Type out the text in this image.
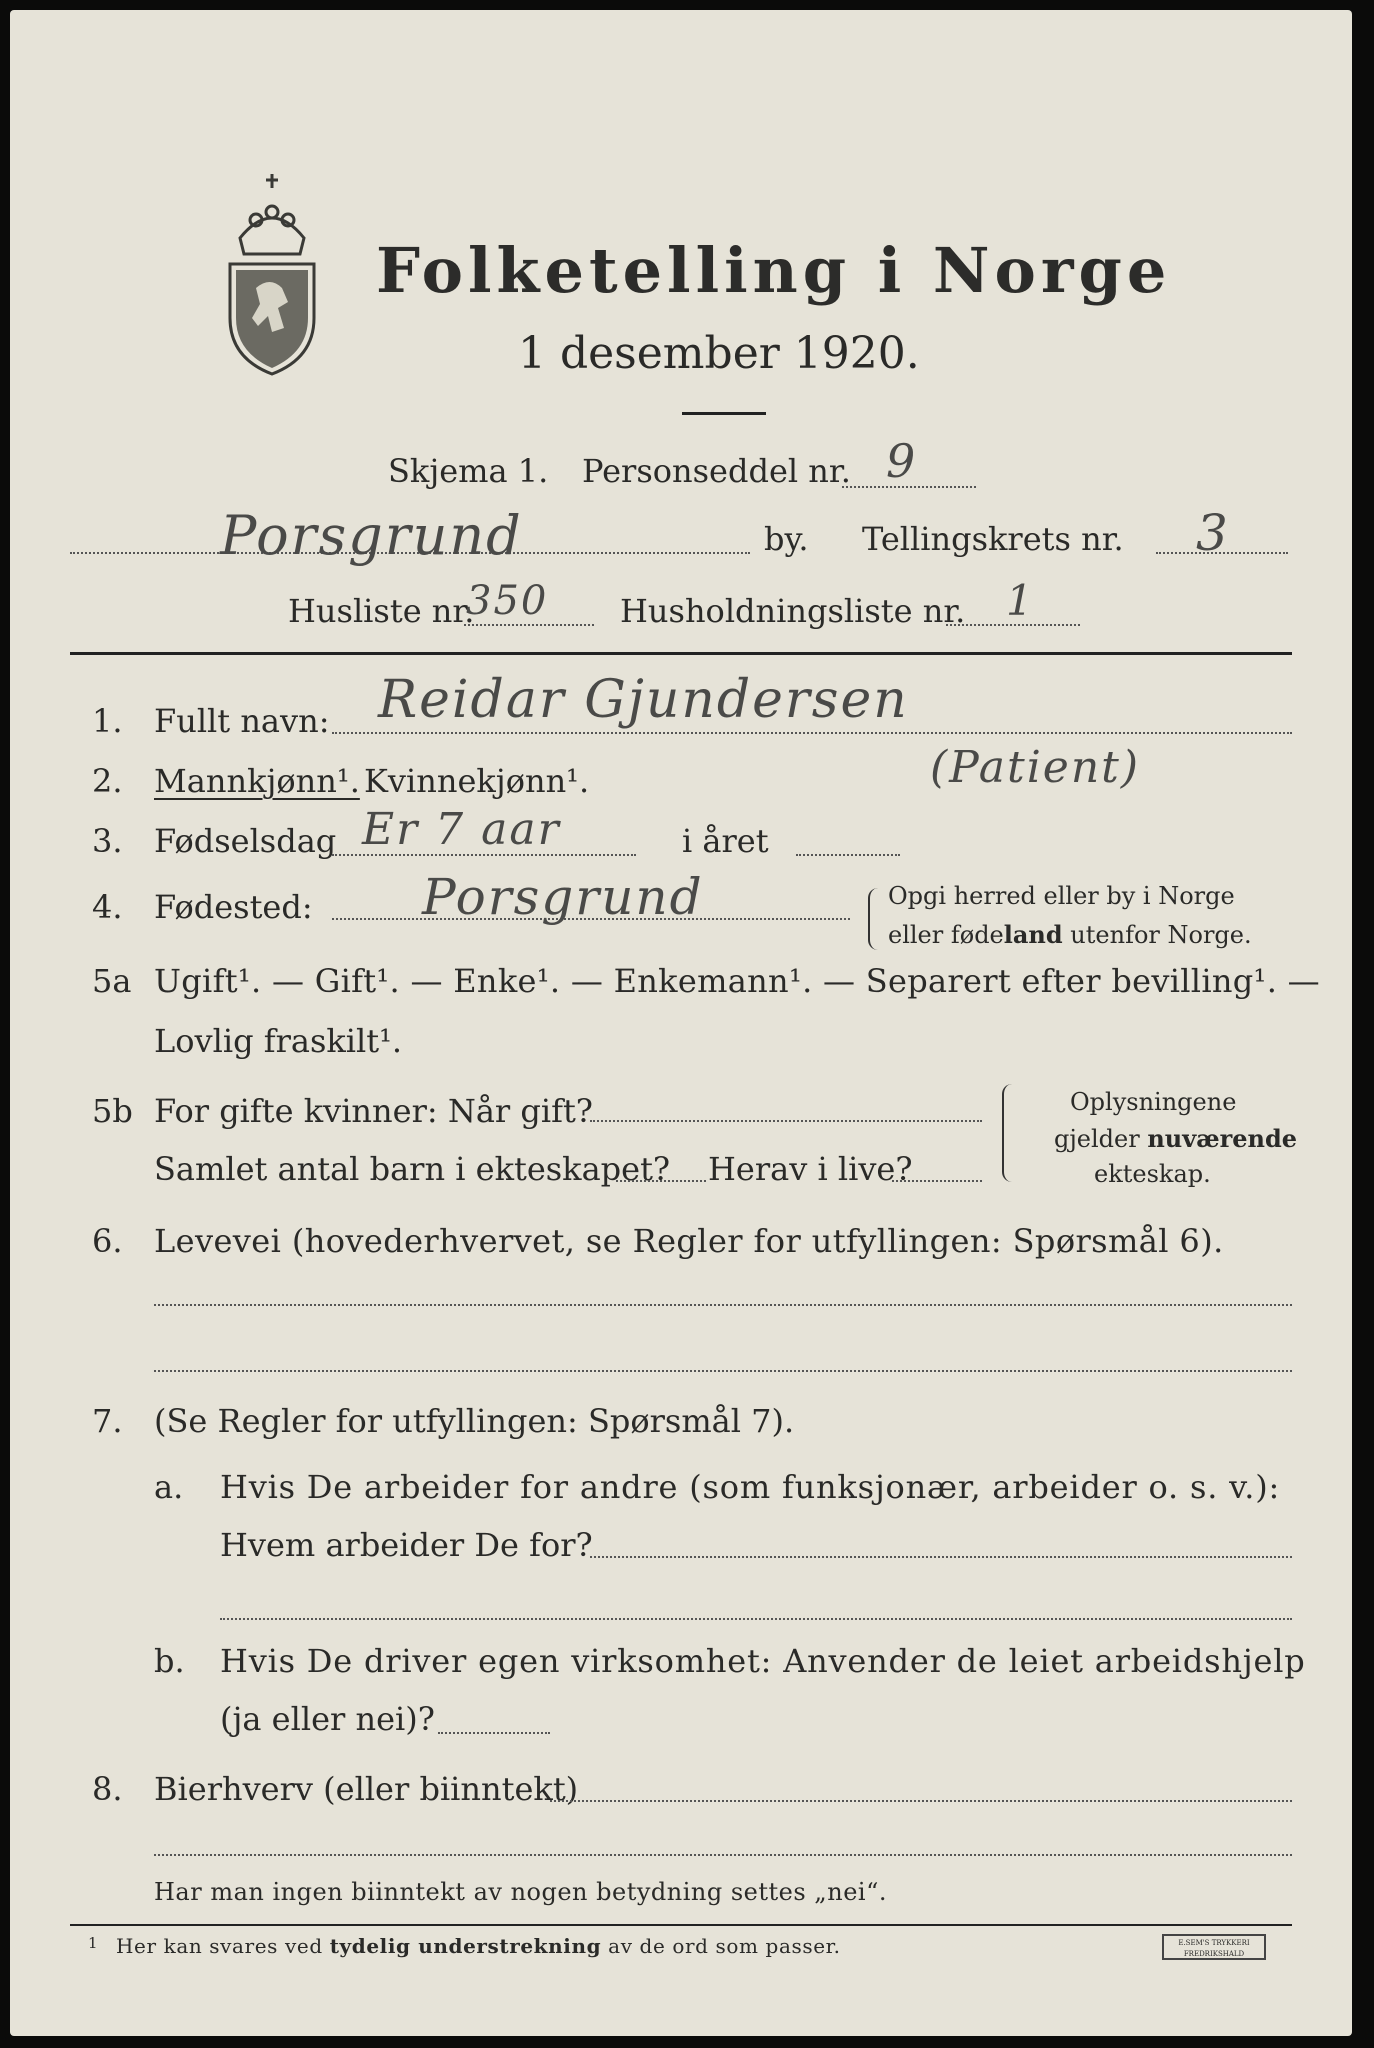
Folketelling i Norge
1 desember 1920.
Skjema 1. Personseddel nr. 9
Porsgrund	by. Tellingskrets nr. 3
Husliste nr.
350 Husholdningsliste nr. 1
1. Fullt navn: Reidar Gjundersen
2. Mannkjønn¹. Kvinnekjønn¹.	(Patient)
3. Fødselsdag Er 7 aar	i året
4. Fødested: Porsgrund	Opgi herred eller by i Norge
eller fødeland utenfor Norge.
5a Ugift¹. — Gift¹. — Enke¹. — Enkemann¹. — Separert efter bevilling¹. —
Lovlig fraskilt¹.
5b For gifte kvinner: Når gift?
Samlet antal barn i ekteskapet? Herav i live?
Oplysningene
gjelder nuværende
ekteskap.
6. Levevei (hovederhvervet, se Regler for utfyllingen: Spørsmål 6).
7. (Se Regler for utfyllingen: Spørsmål 7).
a. Hvis De arbeider for andre (som funksjonær, arbeider o. s. v.):
Hvem arbeider De for?
b. Hvis De driver egen virksomhet: Anvender de leiet arbeidshjelp
(ja eller nei)?
8. Bierhverv (eller biinntekt)
Har man ingen biinntekt av nogen betydning settes „nei“.
1 Her kan svares ved tydelig understrekning av de ord som passer.	E.SEM'S TRYKKERI
FREDRIKSHALD
